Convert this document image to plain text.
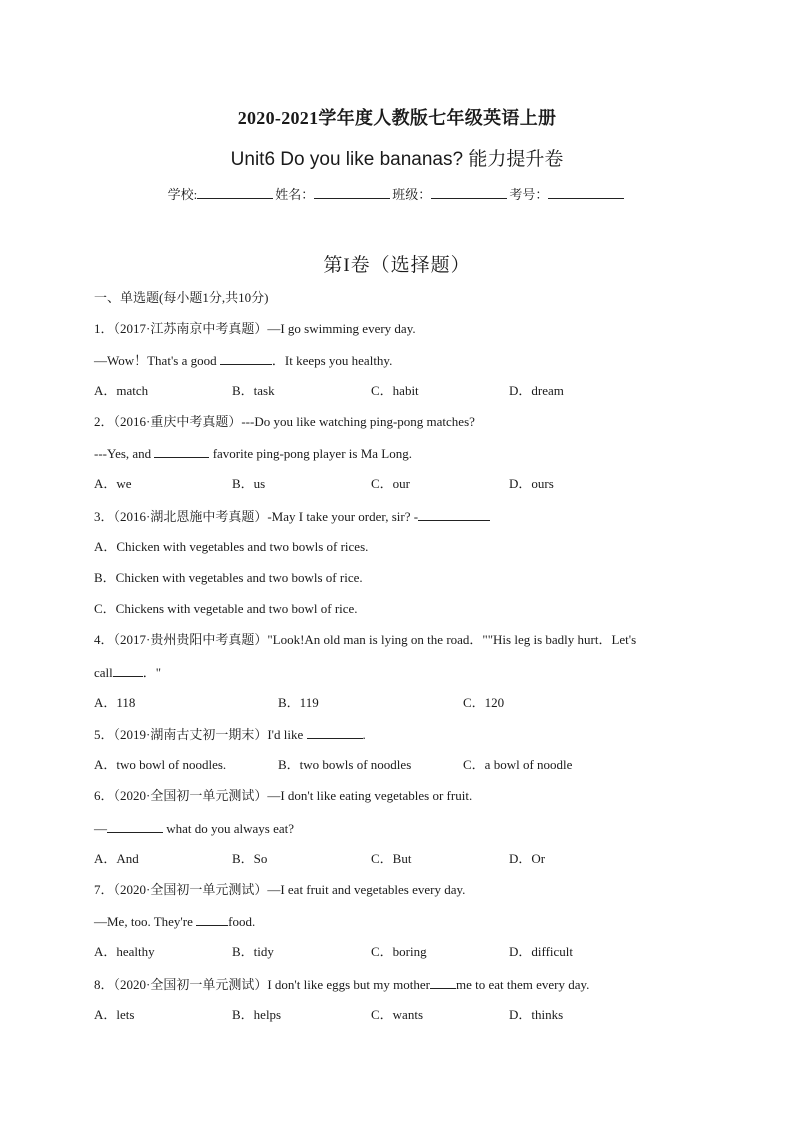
2020-2021学年度人教版七年级英语上册
Unit6 Do you like bananas? 能力提升卷
学校:	姓名：	班级：	考号：
第I卷（选择题）
一、单选题(每小题1分,共10分)
1．（2017·江苏南京中考真题）—I go swimming every day.
—Wow！That's a good	．It keeps you healthy.
A．match	B．task	C．habit	D．dream
2．（2016·重庆中考真题）---Do you like watching ping-pong matches?
---Yes, and	favorite ping-pong player is Ma Long.
A．we	B．us	C．our	D．ours
3．（2016·湖北恩施中考真题）-May I take your order, sir? -
A．Chicken with vegetables and two bowls of rices.
B．Chicken with vegetables and two bowls of rice.
C．Chickens with vegetable and two bowl of rice.
4．（2017·贵州贵阳中考真题）"Look!An old man is lying on the road．""His leg is badly hurt．Let's
call ．"
A．118	B．119	C．120
5．（2019·湖南古丈初一期末）I'd like	.
A．two bowl of noodles.	B．two bowls of noodles	C．a bowl of noodle
6．（2020·全国初一单元测试）—I don't like eating vegetables or fruit.
—	what do you always eat?
A．And	B．So	C．But	D．Or
7．（2020·全国初一单元测试）—I eat fruit and vegetables every day.
—Me, too. They're	food.
A．healthy	B．tidy	C．boring	D．difficult
8．（2020·全国初一单元测试）I don't like eggs but my mother me to eat them every day.
A．lets	B．helps	C．wants	D．thinks
